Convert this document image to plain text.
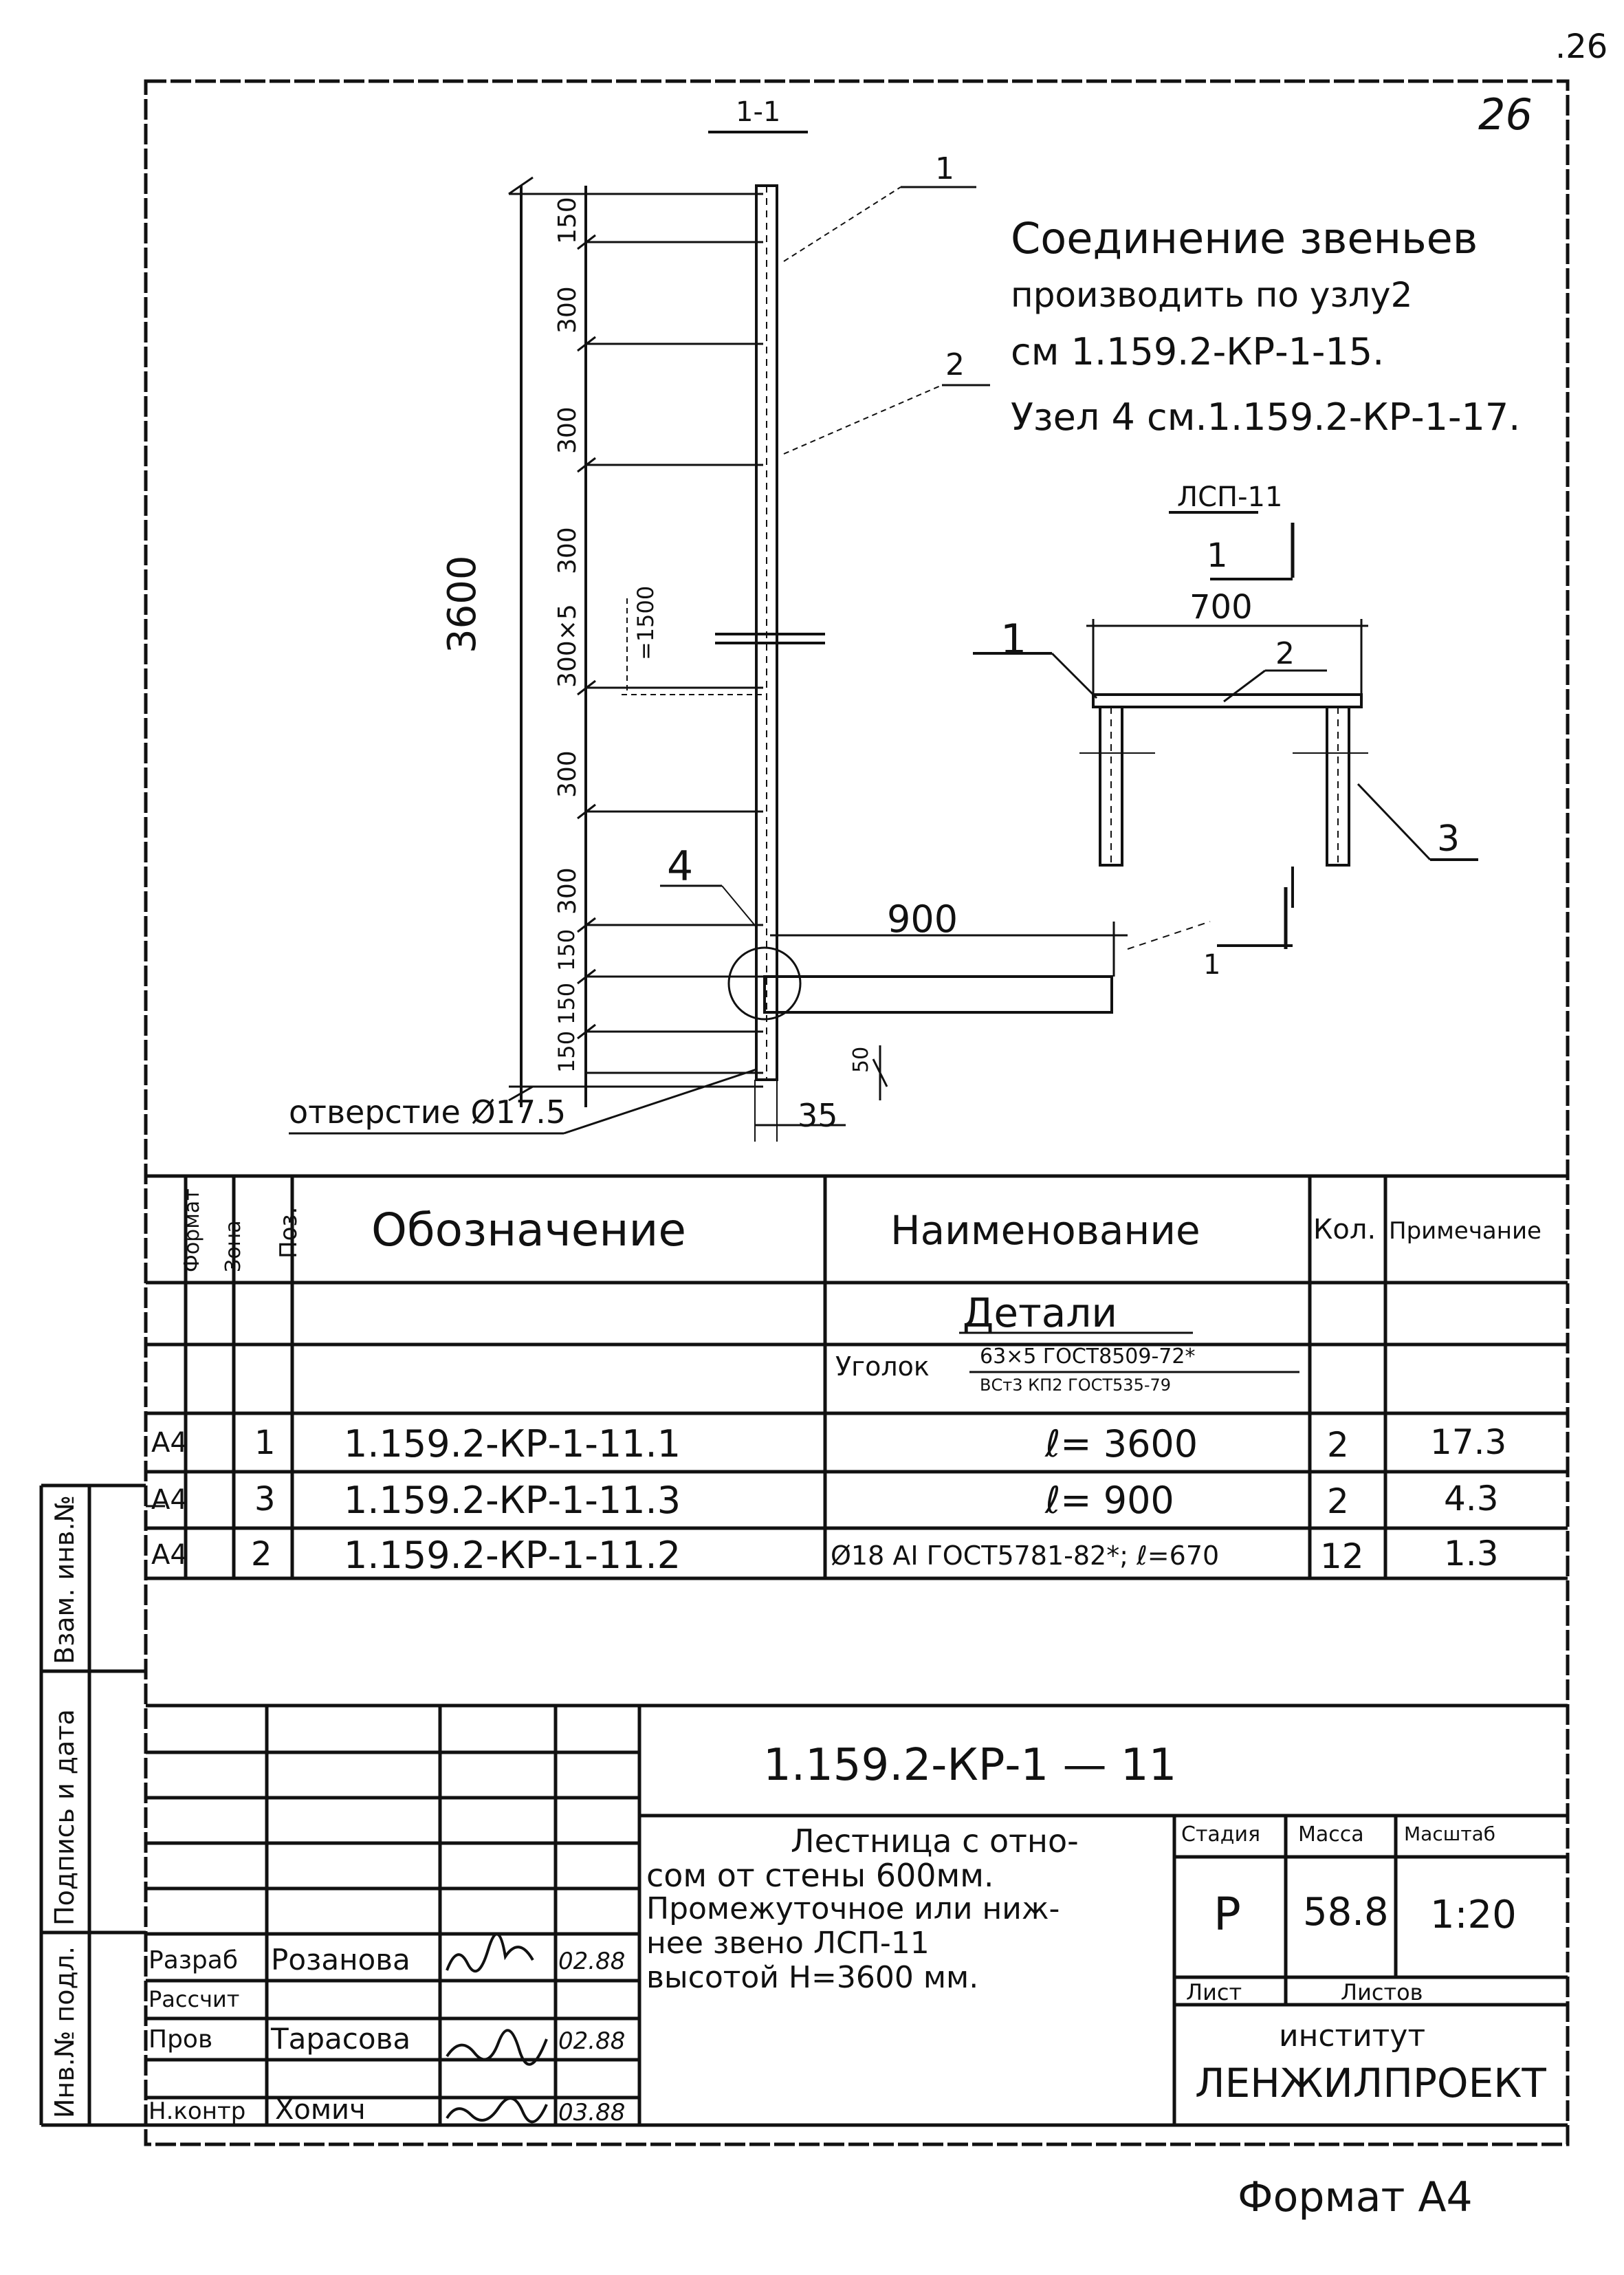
.26
26
1-1
1
2
4
3600
150
300
300
300
300×5
300
300
150
150
150
=1500
900
50
35
отверстие Ø17.5
Соединение звеньев
производить по узлу2
см 1.159.2-КР-1-15.
Узел 4 см.1.159.2-КР-1-17.
ЛСП-11
1
700
1	2
3
1
Формат Зона Поз. Обозначение	Наименование	Кол. Примечание
Детали
Уголок 63×5 ГОСТ8509-72*
ВСт3 КП2 ГОСТ535-79
А4 1 1.159.2-КР-1-11.1	ℓ= 3600	2 17.3
А4 3 1.159.2-КР-1-11.3	ℓ= 900	2	4.3
А4 2 1.159.2-КР-1-11.2	Ø18 АI ГОСТ5781-82*; ℓ=670	12 1.3
Взам. инв.№
Подпись и дата
Инв.№ подл.
1.159.2-КР-1 — 11
Лестница с отно-
сом от стены 600мм.
Промежуточное или ниж-
нее звено ЛСП-11
высотой Н=3600 мм.
Стадия Масса Масштаб
Р 58.8 1:20
Лист	Листов
институт
ЛЕНЖИЛПРОЕКТ
Разраб Розанова	02.88
Рассчит
Пров Тарасова	02.88
Н.контр Хомич	03.88
Формат А4
